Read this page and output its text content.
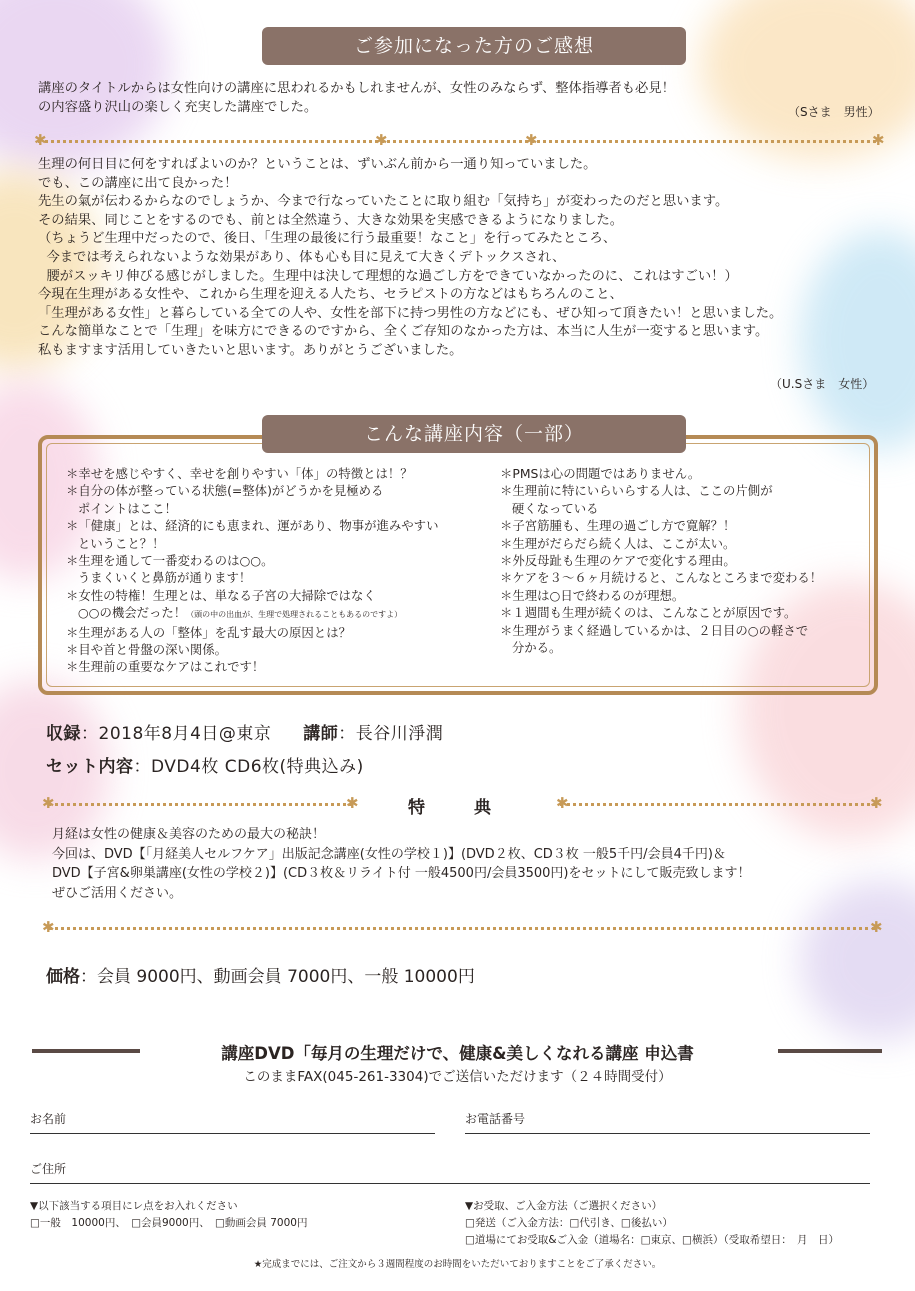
ご参加になった方のご感想
講座のタイトルからは女性向けの講座に思われるかもしれませんが、女性のみならず、整体指導者も必見！
の内容盛り沢山の楽しく充実した講座でした。	（Sさま　男性）
✱	✱	✱	✱
生理の何日目に何をすればよいのか？ということは、ずいぶん前から一通り知っていました。
でも、この講座に出て良かった！
先生の氣が伝わるからなのでしょうか、今まで行なっていたことに取り組む「気持ち」が変わったのだと思います。
その結果、同じことをするのでも、前とは全然違う、大きな効果を実感できるようになりました。
（ちょうど生理中だったので、後日、「生理の最後に行う最重要！なこと」を行ってみたところ、
今までは考えられないような効果があり、体も心も目に見えて大きくデトックスされ、
腰がスッキリ伸びる感じがしました。生理中は決して理想的な過ごし方をできていなかったのに、これはすごい！）
今現在生理がある女性や、これから生理を迎える人たち、セラピストの方などはもちろんのこと、
「生理がある女性」と暮らしている全ての人や、女性を部下に持つ男性の方などにも、ぜひ知って頂きたい！と思いました。
こんな簡単なことで「生理」を味方にできるのですから、全くご存知のなかった方は、本当に人生が一変すると思います。
私もますます活用していきたいと思います。ありがとうございました。
（U.Sさま　女性）
こんな講座内容（一部）
＊幸せを感じやすく、幸せを創りやすい「体」の特徴とは！？
＊自分の体が整っている状態(=整体)がどうかを見極める
ポイントはここ！
＊「健康」とは、経済的にも恵まれ、運があり、物事が進みやすい
ということ？！
＊生理を通して一番変わるのは○○。
うまくいくと鼻筋が通ります！
＊女性の特権！生理とは、単なる子宮の大掃除ではなく
○○の機会だった！（頭の中の出血が、生理で処理されることもあるのですよ）
＊生理がある人の「整体」を乱す最大の原因とは？
＊目や首と骨盤の深い関係。
＊生理前の重要なケアはこれです！
＊PMSは心の問題ではありません。
＊生理前に特にいらいらする人は、ここの片側が
硬くなっている
＊子宮筋腫も、生理の過ごし方で寛解？！
＊生理がだらだら続く人は、ここが太い。
＊外反母趾も生理のケアで変化する理由。
＊ケアを３～６ヶ月続けると、こんなところまで変わる！
＊生理は○日で終わるのが理想。
＊１週間も生理が続くのは、こんなことが原因です。
＊生理がうまく経過しているかは、２日目の○の軽さで
分かる。
収録：2018年8月4日@東京 講師：長谷川淨潤
セット内容：DVD4枚 CD6枚(特典込み)
✱	✱	✱	✱
特　典
月経は女性の健康＆美容のための最大の秘訣！
今回は、DVD【「月経美人セルフケア」出版記念講座(女性の学校１)】(DVD２枚、CD３枚 一般5千円/会員4千円)＆
DVD【子宮&卵巣講座(女性の学校２)】(CD３枚＆リライト付 一般4500円/会員3500円)をセットにして販売致します！
ぜひご活用ください。
✱	✱
価格：会員 9000円、動画会員 7000円、一般 10000円
講座DVD「毎月の生理だけで、健康&美しくなれる講座 申込書
このままFAX(045-261-3304)でご送信いただけます（２４時間受付）
お名前	お電話番号
ご住所
▼以下該当する項目にレ点をお入れください
□一般　10000円、　□会員9000円、　□動画会員 7000円
▼お受取、ご入金方法（ご選択ください）
□発送（ご入金方法：□代引き、□後払い）
□道場にてお受取&ご入金（道場名：□東京、□横浜）（受取希望日：　月　日）
★完成までには、ご注文から３週間程度のお時間をいただいておりますことをご了承ください。
